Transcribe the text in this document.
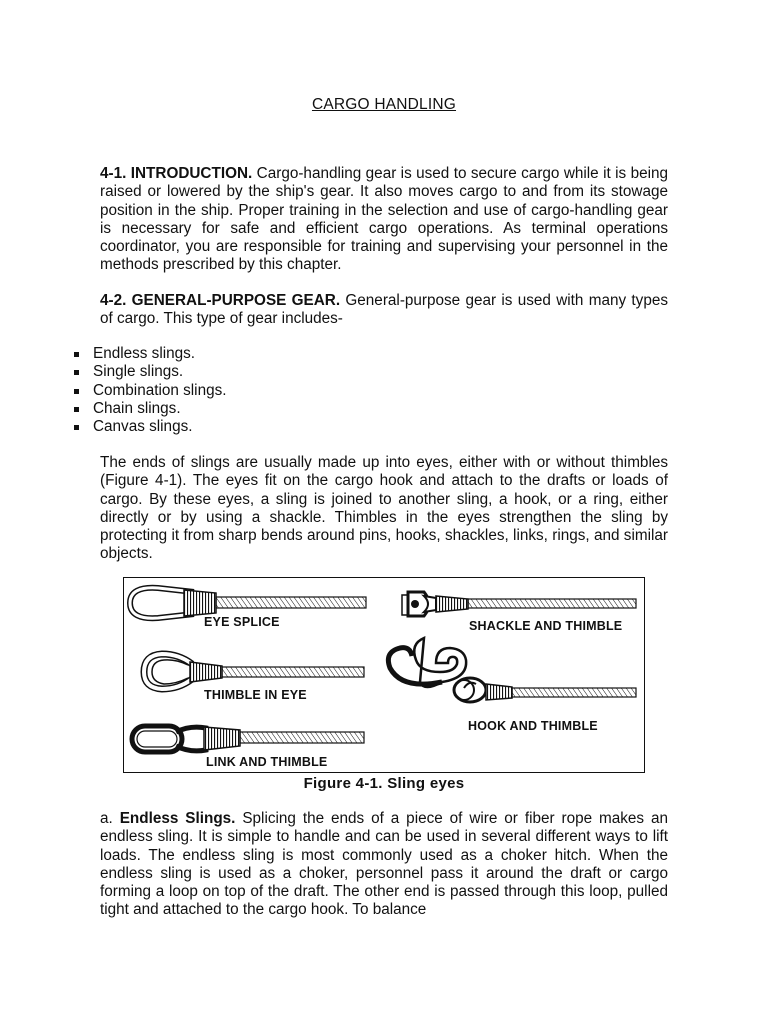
CARGO HANDLING

4-1. INTRODUCTION. Cargo-handling gear is used to secure cargo while it is being raised or lowered by the ship's gear. It also moves cargo to and from its stowage position in the ship. Proper training in the selection and use of cargo-handling gear is necessary for safe and efficient cargo operations. As terminal operations coordinator, you are responsible for training and supervising your personnel in the methods prescribed by this chapter.

4-2. GENERAL-PURPOSE GEAR. General-purpose gear is used with many types of cargo. This type of gear includes-

Endless slings.
Single slings.
Combination slings.
Chain slings.
Canvas slings.

The ends of slings are usually made up into eyes, either with or without thimbles (Figure 4-1). The eyes fit on the cargo hook and attach to the drafts or loads of cargo. By these eyes, a sling is joined to another sling, a hook, or a ring, either directly or by using a shackle. Thimbles in the eyes strengthen the sling by protecting it from sharp bends around pins, hooks, shackles, links, rings, and similar objects.

EYE SPLICE
THIMBLE IN EYE
LINK AND THIMBLE
SHACKLE AND THIMBLE
HOOK AND THIMBLE
Figure 4-1. Sling eyes

a. Endless Slings. Splicing the ends of a piece of wire or fiber rope makes an endless sling. It is simple to handle and can be used in several different ways to lift loads. The endless sling is most commonly used as a choker hitch. When the endless sling is used as a choker, personnel pass it around the draft or cargo forming a loop on top of the draft. The other end is passed through this loop, pulled tight and attached to the cargo hook. To balance
